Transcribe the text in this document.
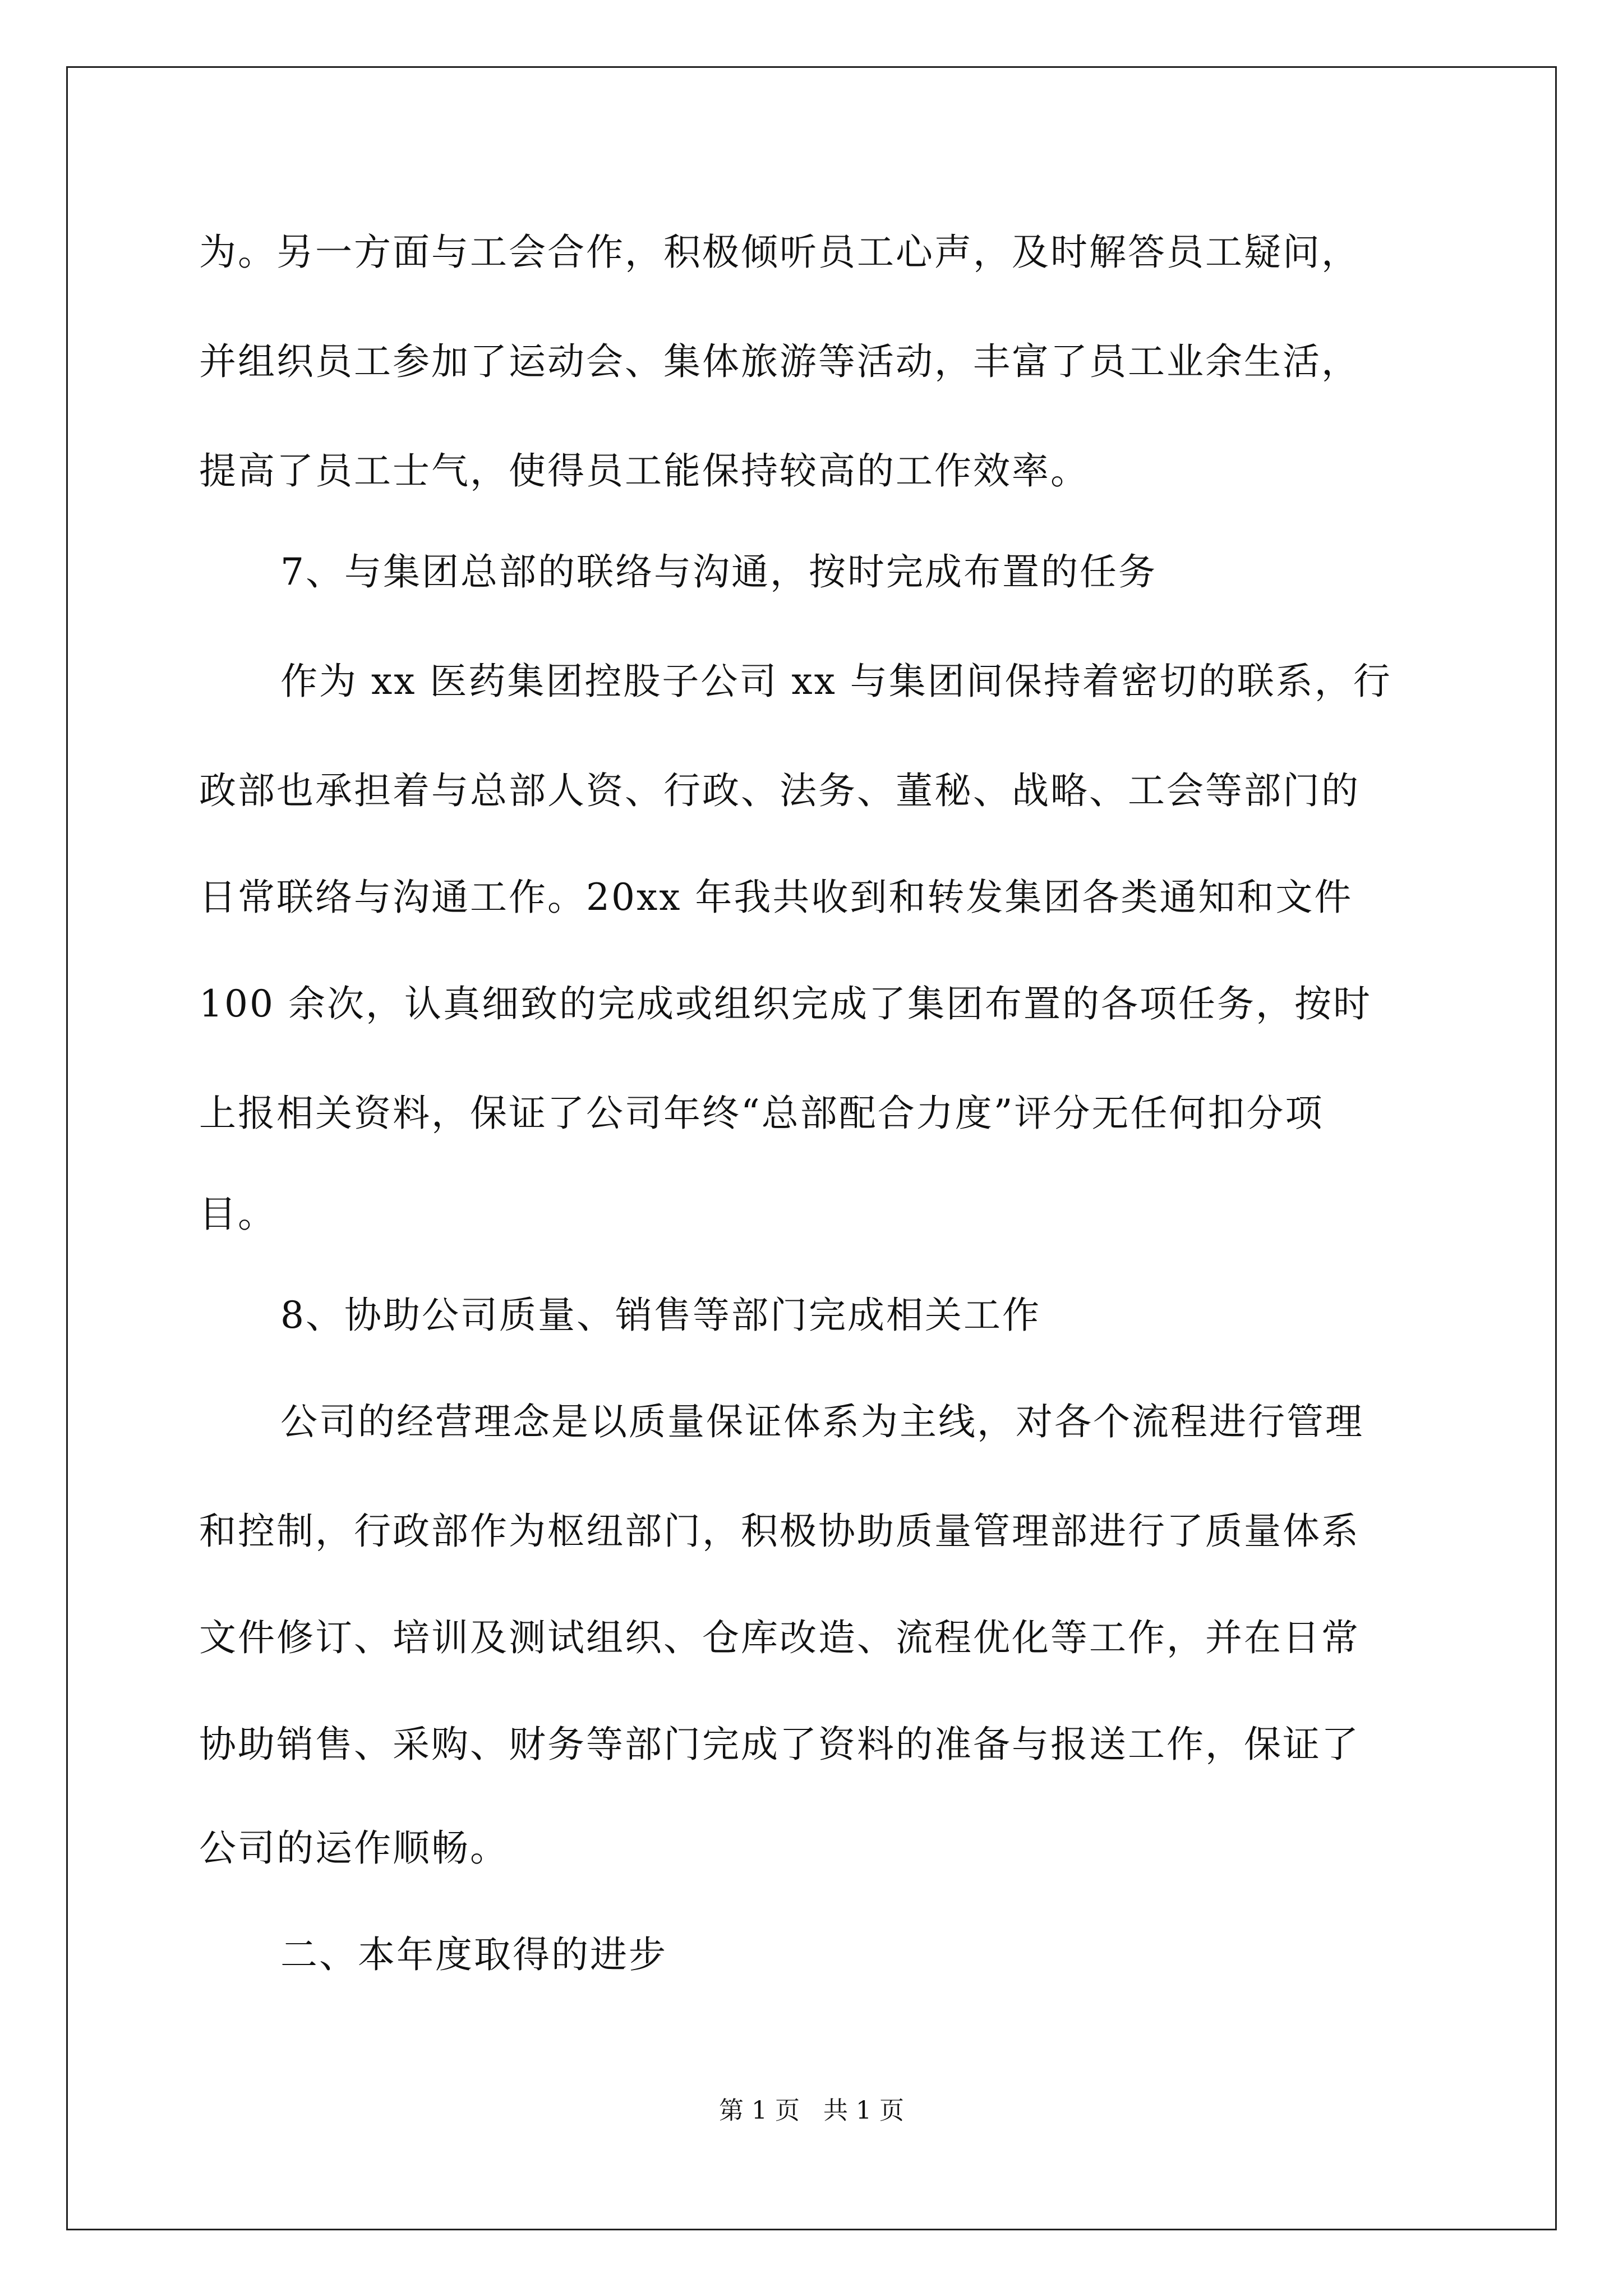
为。另一方面与工会合作，积极倾听员工心声，及时解答员工疑问，
并组织员工参加了运动会、集体旅游等活动，丰富了员工业余生活，
提高了员工士气，使得员工能保持较高的工作效率。
7、与集团总部的联络与沟通，按时完成布置的任务
作为 xx 医药集团控股子公司 xx 与集团间保持着密切的联系，行
政部也承担着与总部人资、行政、法务、董秘、战略、工会等部门的
日常联络与沟通工作。20xx 年我共收到和转发集团各类通知和文件
100 余次，认真细致的完成或组织完成了集团布置的各项任务，按时
上报相关资料，保证了公司年终“总部配合力度”评分无任何扣分项
目。
8、协助公司质量、销售等部门完成相关工作
公司的经营理念是以质量保证体系为主线，对各个流程进行管理
和控制，行政部作为枢纽部门，积极协助质量管理部进行了质量体系
文件修订、培训及测试组织、仓库改造、流程优化等工作，并在日常
协助销售、采购、财务等部门完成了资料的准备与报送工作，保证了
公司的运作顺畅。
二、本年度取得的进步
第 1 页   共 1 页
